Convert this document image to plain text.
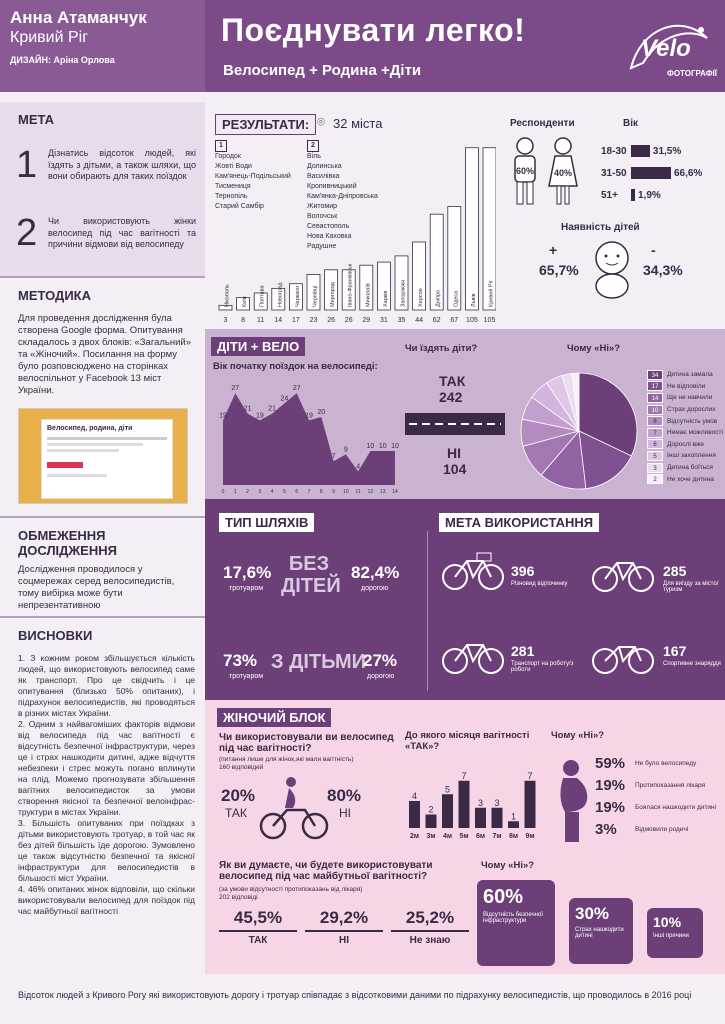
Анна Атаманчук
Кривий Ріг
ДИЗАЙН: Аріна Орлова
Поєднувати легко!
Велосипед + Родина +Діти
Velo
ФОТОГРАФІЇ
МЕТА
1 Дізнатись відсоток людей, які їздять з дітьми, а також шляхи, що вони обирають для таких поїздок
2 Чи використовують жінки велосипед під час вагітності та причини відмови від велосипеду
МЕТОДИКА
Для проведення дослідження була створена Google форма. Опитування складалось з двох блоків: «Загальний» та «Жіночий». Посилання на форму було розповсюджено на сторінках велоспільнот у Facebook 13 міст України.
Велосипед, родина, діти
ОБМЕЖЕННЯ ДОСЛІДЖЕННЯ
Дослідження проводилося у соцмережах серед велосипедистів, тому вибірка може бути непрезентативною
ВИСНОВКИ
1. З кожним роком збільшується кількість людей, що використовують велосипед саме як транспорт. Про це свідчить і це опитування (близько 50% опитаних), і підрахунок велосипедистів, які проводяться в різних містах України.
2. Одним з найвагоміших факторів відмови від велосипеда під час вагітності є відсутність безпечної інфраструктури, через це і страх нашкодити дитині, адже відчуття небезпеки і стрес можуть погано вплинути на плід. Можемо прогнозувати збільшення вагітних велосипедисток за умови створення якісної та безпечної велоінфрас-труктури в містах України.
3. Більшість опитуваних при поїздках з дітьми використовують тротуар, в той час як без дітей більшість їде дорогою. Зумовлено це також відсутністю безпечної та якісної інфраструктури для велосипедистів в більшості міст України.
4. 46% опитаних жінок відповіли, що скільки використовували велосипед для поїздок під час майбутньої вагітності
РЕЗУЛЬТАТИ: ⌾ 32 міста
1
Городок
Жовті Води
Кам'янець-Подільський
Тисмениця
Тернопіль
Старий Самбір
2
Віль
Долинська
Василівка
Кропивницький
Кам'янка-Дніпровська
Житомир
Волочськ
Севастополь
Нова Каховка
Радушне
Нікополь
3
Київ
8
Полтава
11
Новоград
14
Черкаси
17
Чернівці
23
Миргород
26
Івано-Франківськ
26
Миколаїв
29
Харків
31
Запоріжжя
35
Херсон
44
Дніпро
62
Одеса
67
Львів
105
Кривий Ріг
105
Респонденти
60% 40%
Вік
18-30	31,5%
31-50	66,6%
51+	1,9%
Наявність дітей
+
65,7%
-
34,3%
ДІТИ + ВЕЛО
Вік початку поїздок на велосипеді:
19
0
27
1
21
2
19
3
21
4
24
5
27
6
19
7
20
8
7
9
9
10
4
11
10
12
10
13
10
14
Чи їздять діти?
ТАК
242
НІ
104
Чому «Ні»?
34	Дитина замала
17	Не відповіли
14	Ще не навчили
10	Страх дорослих
8	Відсутність умов
7	Немає можливості
6	Дорослі вже
5	Інші захоплення
3	Дитина боїться
2	Не хоче дитина
ТИП ШЛЯХІВ
17,6%
тротуаром
БЕЗ ДІТЕЙ
82,4%
дорогою
73%
тротуаром
З ДІТЬМИ
27%
дорогою
МЕТА ВИКОРИСТАННЯ
396
Різновид відпочинку
285
Для виїзду за місто/туризм
281
Транспорт на роботу/з роботи
167
Спортивне знаряддя
ЖІНОЧИЙ БЛОК
Чи використовували ви велосипед під час вагітності?
(питання лише для жінок,які мали вагітність)
160 відповідей
20%
ТАК
80%
НІ
До якого місяця вагітності «ТАК»?
4
2м
2
3м
5
4м
7
5м
3
6м
3
7м
1
8м
7
9м
Чому «Ні»?
59%	Не було велосипеду
19%	Протипоказання лікаря
19%	Боялася нашкодити дитині
3%	Відмовили родичі
Як ви думаєте, чи будете використовувати велосипед під час майбутньої вагітності?
(за умови відсутності протипоказань від лікаря)
202 відповіді
45,5%
ТАК
29,2%
НІ
25,2%
Не знаю
Чому «Ні»?
60%
Відсутність безпечної інфраструктури	30%
Страх нашкодити дитині
10%
Інші причини
Відсоток людей з Кривого Рогу які використовують дорогу і тротуар співпадає з відсотковими даними по підрахунку велосипедистів, що проводилось в 2016 році
